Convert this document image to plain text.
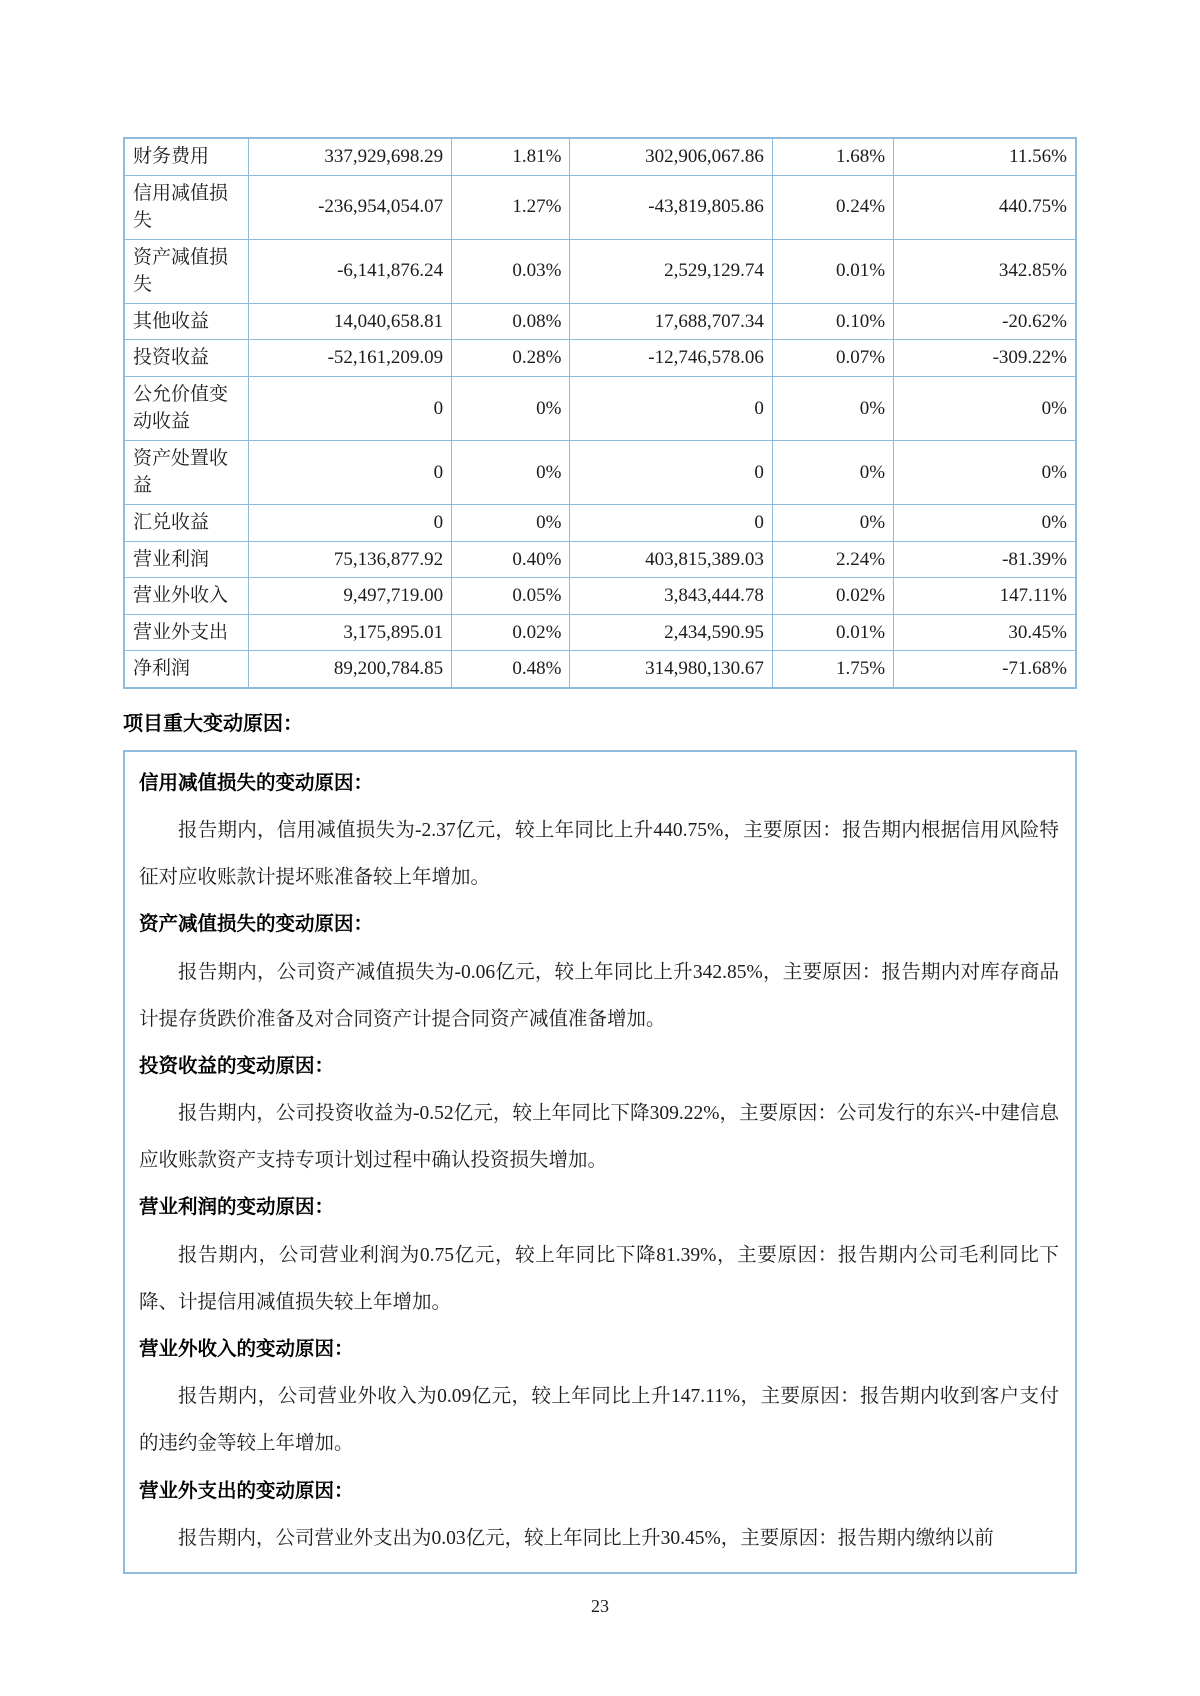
财务费用	337,929,698.29	1.81%	302,906,067.86	1.68%	11.56%
信用减值损失	-236,954,054.07	1.27%	-43,819,805.86	0.24%	440.75%
资产减值损失	-6,141,876.24	0.03%	2,529,129.74	0.01%	342.85%
其他收益	14,040,658.81	0.08%	17,688,707.34	0.10%	-20.62%
投资收益	-52,161,209.09	0.28%	-12,746,578.06	0.07%	-309.22%
公允价值变动收益	0	0%	0	0%	0%
资产处置收益	0	0%	0	0%	0%
汇兑收益	0	0%	0	0%	0%
营业利润	75,136,877.92	0.40%	403,815,389.03	2.24%	-81.39%
营业外收入	9,497,719.00	0.05%	3,843,444.78	0.02%	147.11%
营业外支出	3,175,895.01	0.02%	2,434,590.95	0.01%	30.45%
净利润	89,200,784.85	0.48%	314,980,130.67	1.75%	-71.68%
项目重大变动原因：
信用减值损失的变动原因：

报告期内，信用减值损失为-2.37亿元，较上年同比上升440.75%，主要原因：报告期内根据信用风险特征对应收账款计提坏账准备较上年增加。

资产减值损失的变动原因：

报告期内，公司资产减值损失为-0.06亿元，较上年同比上升342.85%，主要原因：报告期内对库存商品计提存货跌价准备及对合同资产计提合同资产减值准备增加。

投资收益的变动原因：

报告期内，公司投资收益为-0.52亿元，较上年同比下降309.22%，主要原因：公司发行的东兴-中建信息应收账款资产支持专项计划过程中确认投资损失增加。

营业利润的变动原因：

报告期内，公司营业利润为0.75亿元，较上年同比下降81.39%，主要原因：报告期内公司毛利同比下降、计提信用减值损失较上年增加。

营业外收入的变动原因：

报告期内，公司营业外收入为0.09亿元，较上年同比上升147.11%，主要原因：报告期内收到客户支付的违约金等较上年增加。

营业外支出的变动原因：

报告期内，公司营业外支出为0.03亿元，较上年同比上升30.45%，主要原因：报告期内缴纳以前

23
